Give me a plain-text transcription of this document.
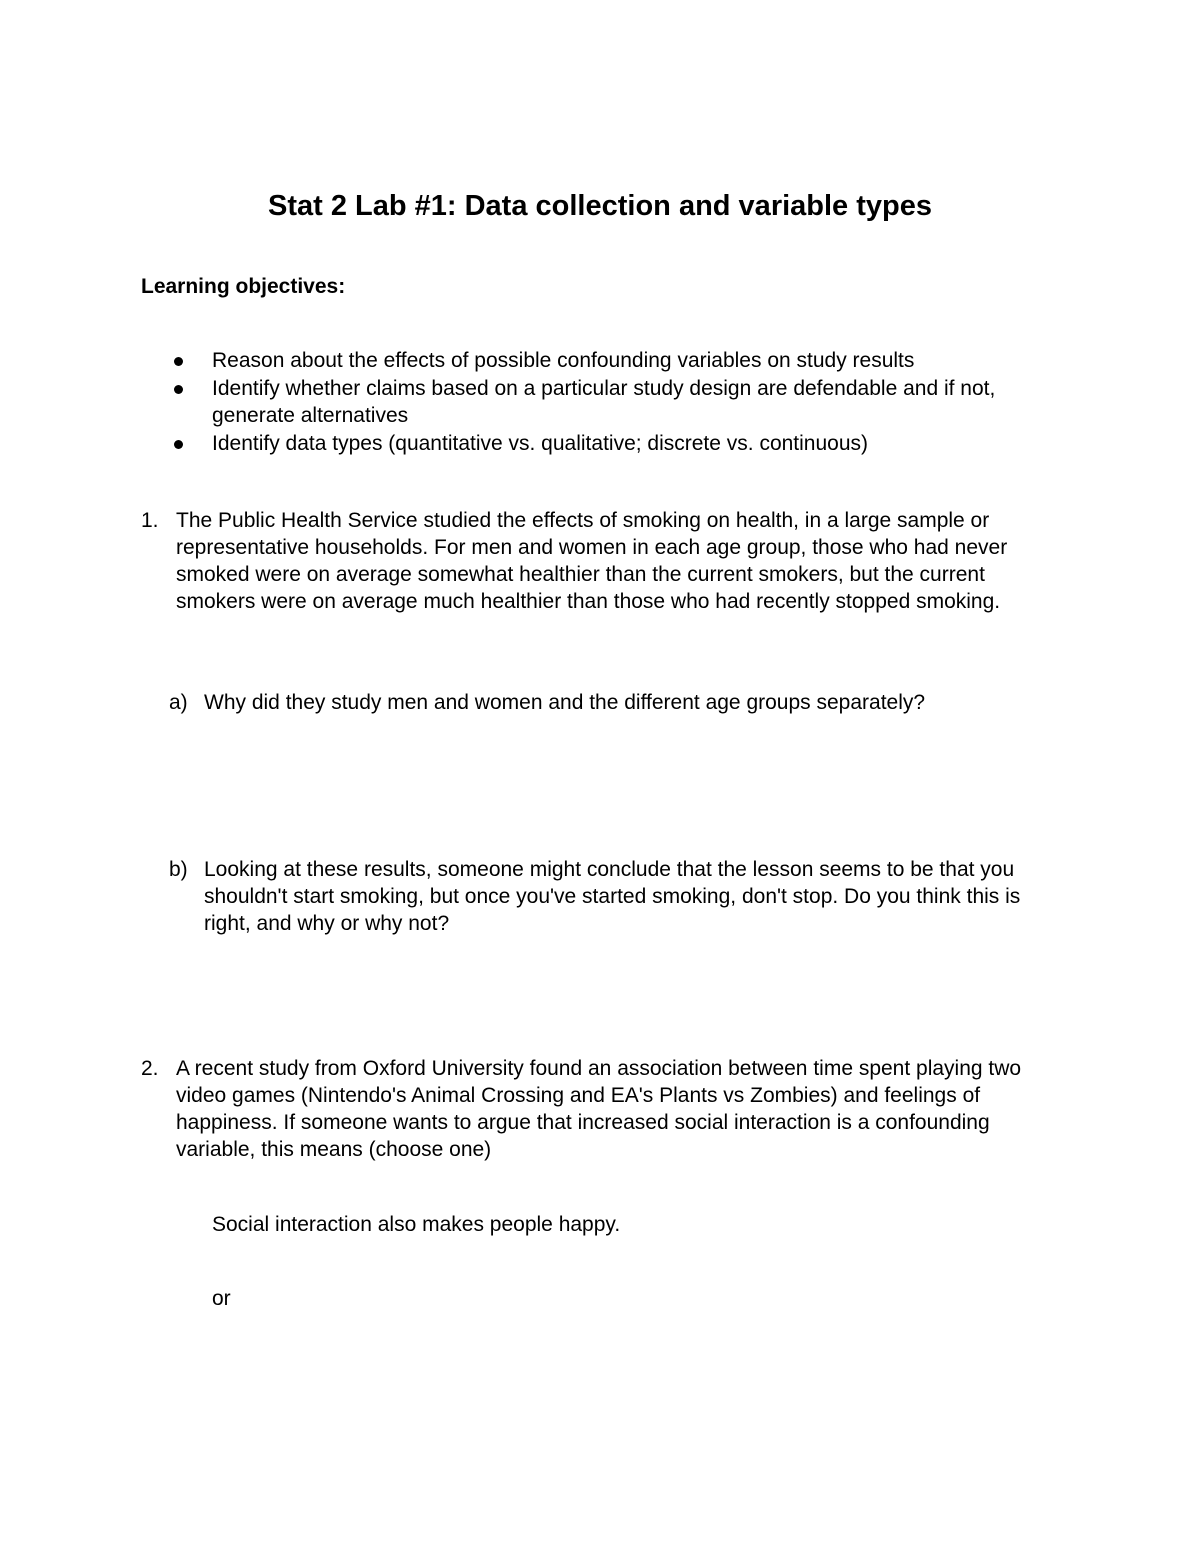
Stat 2 Lab #1: Data collection and variable types
Learning objectives:
Reason about the effects of possible confounding variables on study results
Identify whether claims based on a particular study design are defendable and if not, generate alternatives
Identify data types (quantitative vs. qualitative; discrete vs. continuous)
1. The Public Health Service studied the effects of smoking on health, in a large sample or representative households. For men and women in each age group, those who had never smoked were on average somewhat healthier than the current smokers, but the current smokers were on average much healthier than those who had recently stopped smoking.
a) Why did they study men and women and the different age groups separately?
b) Looking at these results, someone might conclude that the lesson seems to be that you shouldn't start smoking, but once you've started smoking, don't stop. Do you think this is right, and why or why not?
2. A recent study from Oxford University found an association between time spent playing two video games (Nintendo's Animal Crossing and EA's Plants vs Zombies) and feelings of happiness. If someone wants to argue that increased social interaction is a confounding variable, this means (choose one)
Social interaction also makes people happy.
or
